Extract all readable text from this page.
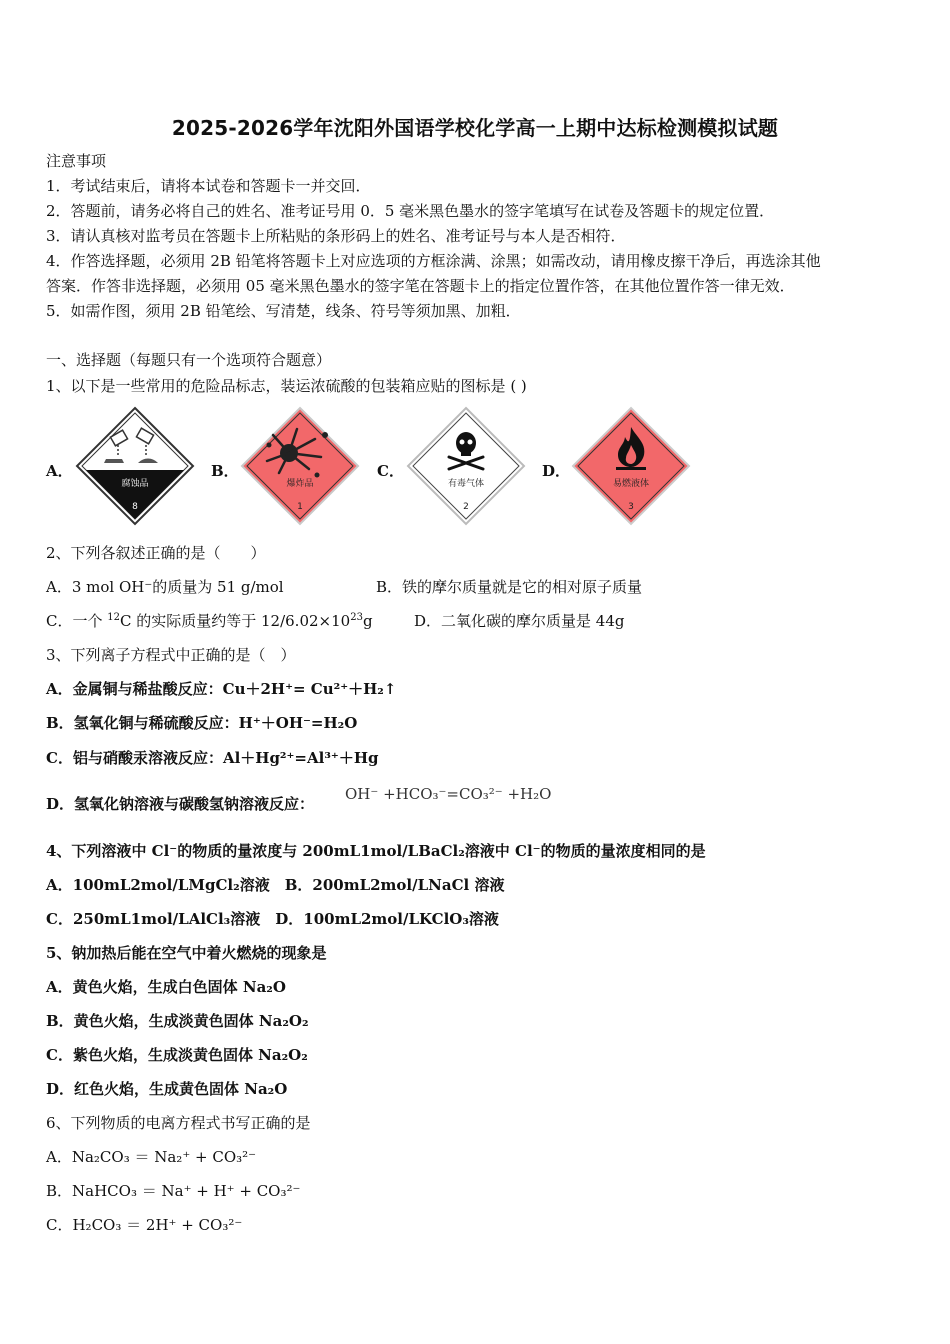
2025-2026学年沈阳外国语学校化学高一上期中达标检测模拟试题
注意事项
1．考试结束后，请将本试卷和答题卡一并交回．
2．答题前，请务必将自己的姓名、准考证号用 0．5 毫米黑色墨水的签字笔填写在试卷及答题卡的规定位置．
3．请认真核对监考员在答题卡上所粘贴的条形码上的姓名、准考证号与本人是否相符．
4．作答选择题，必须用 2B 铅笔将答题卡上对应选项的方框涂满、涂黑；如需改动，请用橡皮擦干净后，再选涂其他
答案．作答非选择题，必须用 05 毫米黑色墨水的签字笔在答题卡上的指定位置作答，在其他位置作答一律无效．
5．如需作图，须用 2B 铅笔绘、写清楚，线条、符号等须加黑、加粗．
一、选择题（每题只有一个选项符合题意）
1、以下是一些常用的危险品标志，装运浓硫酸的包装箱应贴的图标是 ( )
A．
腐蚀品
8
B．
爆炸品
1
C．
有毒气体
2
D．
易燃液体
3
2、下列各叙述正确的是（　　）
A．3 mol OH⁻的质量为 51 g/mol	B．铁的摩尔质量就是它的相对原子质量
C．一个 $^{12}$C 的实际质量约等于 $12/6.02\times 10^{23}g$	D．二氧化碳的摩尔质量是 44g
3、下列离子方程式中正确的是（　）
A．金属铜与稀盐酸反应：Cu＋2H⁺= Cu²⁺＋H₂↑
B．氢氧化铜与稀硫酸反应：H⁺＋OH⁻=H₂O
C．铝与硝酸汞溶液反应：Al＋Hg²⁺=Al³⁺＋Hg
D．氢氧化钠溶液与碳酸氢钠溶液反应：
OH⁻ +HCO₃⁻=CO₃²⁻ +H₂O
4、下列溶液中 Cl⁻的物质的量浓度与 200mL1mol/LBaCl₂溶液中 Cl⁻的物质的量浓度相同的是
A．100mL2mol/LMgCl₂溶液　B．200mL2mol/LNaCl 溶液
C．250mL1mol/LAlCl₃溶液　D．100mL2mol/LKClO₃溶液
5、钠加热后能在空气中着火燃烧的现象是
A．黄色火焰，生成白色固体 Na₂O
B．黄色火焰，生成淡黄色固体 Na₂O₂
C．紫色火焰，生成淡黄色固体 Na₂O₂
D．红色火焰，生成黄色固体 Na₂O
6、下列物质的电离方程式书写正确的是
A．Na₂CO₃ ＝ Na₂⁺ + CO₃²⁻
B．NaHCO₃ ＝ Na⁺ + H⁺ + CO₃²⁻
C．H₂CO₃ ＝ 2H⁺ + CO₃²⁻
